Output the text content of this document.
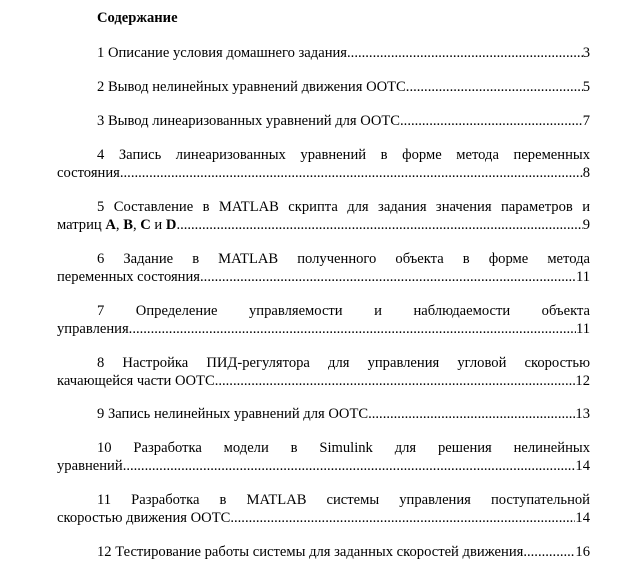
Содержание
1 Описание условия домашнего задания .....	3
2 Вывод нелинейных уравнений движения ООТС .....	5
3 Вывод линеаризованных уравнений для ООТС .....	7
4 Запись линеаризованных уравнений в форме метода переменных
состояния .....	8
5 Составление в MATLAB скрипта для задания значения параметров и
матриц A, B, C и D .....	9
6 Задание в MATLAB полученного объекта в форме метода
переменных состояния .....	11
7 Определение управляемости и наблюдаемости объекта
управления .....	11
8 Настройка ПИД-регулятора для управления угловой скоростью
качающейся части ООТС .....	12
9 Запись нелинейных уравнений для ООТС .....	13
10 Разработка модели в Simulink для решения нелинейных
уравнений .....	14
11 Разработка в MATLAB системы управления поступательной
скоростью движения ООТС .....	14
12 Тестирование работы системы для заданных скоростей движения .....	16
